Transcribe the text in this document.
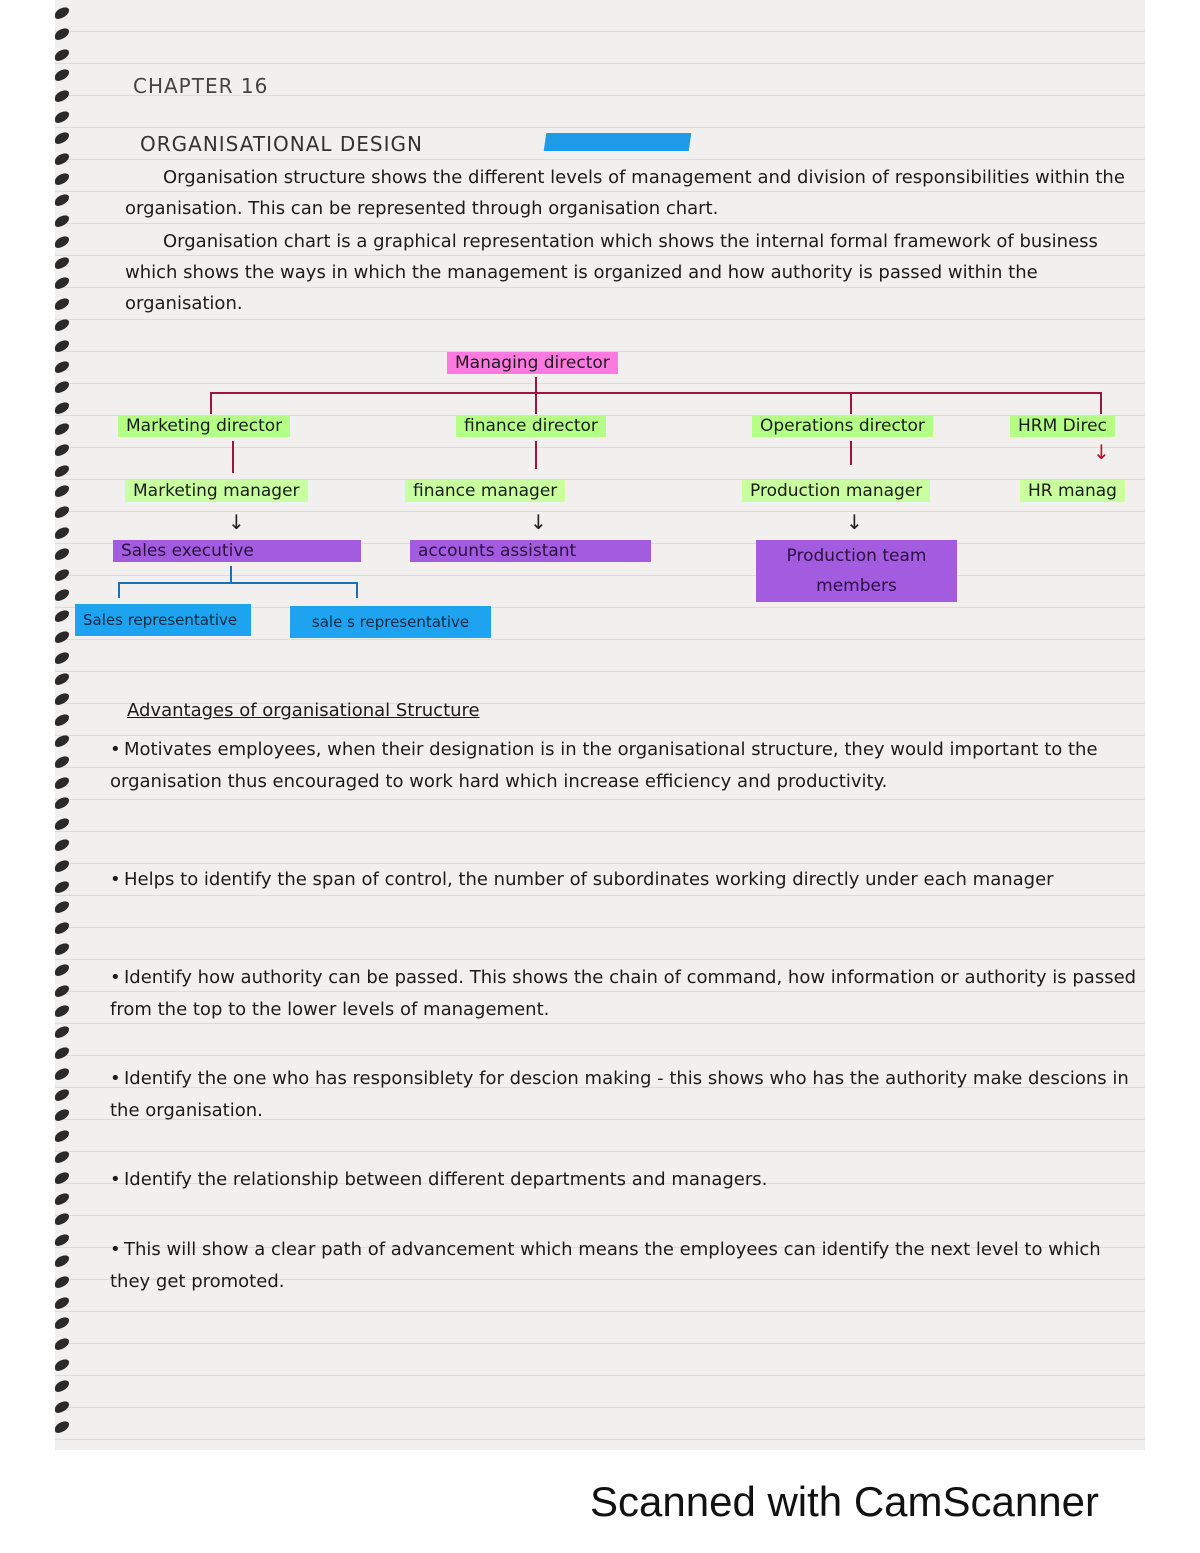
CHAPTER 16
ORGANISATIONAL DESIGN
Organisation structure shows the different levels of management and division of responsibilities within the organisation. This can be represented through organisation chart.
Organisation chart is a graphical representation which shows the internal formal framework of business which shows the ways in which the management is organized and how authority is passed within the organisation.
Managing director
Marketing director	finance director	Operations director	HRM Direc
↓
Marketing manager	finance manager	Production manager	HR manag
↓	↓	↓
Sales executive	accounts assistant	Production team members
Sales representative	sale s representative
Advantages of organisational Structure
• Motivates employees, when their designation is in the organisational structure, they would important to the organisation thus encouraged to work hard which increase efficiency and productivity.
• Helps to identify the span of control, the number of subordinates working directly under each manager
• Identify how authority can be passed. This shows the chain of command, how information or authority is passed from the top to the lower levels of management.
• Identify the one who has responsiblety for descion making - this shows who has the authority make descions in the organisation.
• Identify the relationship between different departments and managers.
• This will show a clear path of advancement which means the employees can identify the next level to which they get promoted.
Scanned with CamScanner
